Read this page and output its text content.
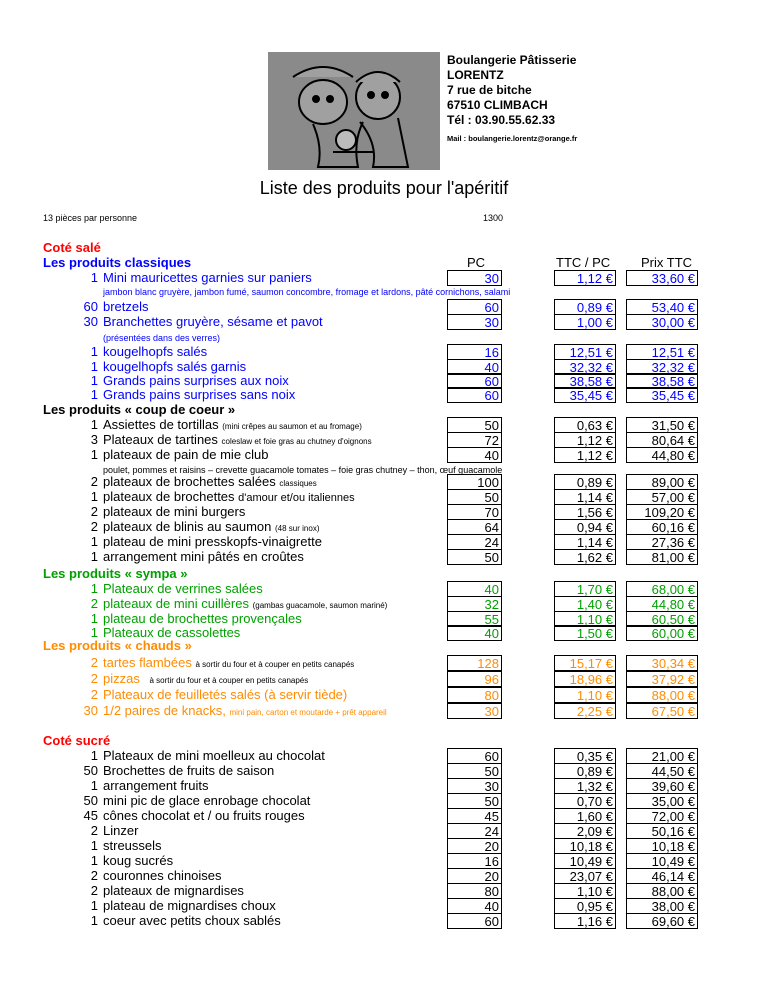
Boulangerie Pâtisserie
LORENTZ
7 rue de bitche
67510 CLIMBACH
Tél : 03.90.55.62.33
Mail : boulangerie.lorentz@orange.fr
Liste des produits pour l'apéritif
13 pièces par personne	1300
Coté salé
Les produits classiques
Les produits « coup de coeur »
Les produits « sympa »
Les produits « chauds »
Coté sucré
PC	TTC / PC Prix TTC
jambon blanc gruyère, jambon fumé, saumon concombre, fromage et lardons, pâté cornichons, salami
(présentées dans des verres)
poulet, pommes et raisins – crevette guacamole tomates – foie gras chutney – thon, œuf guacamole
1 Mini mauricettes garnies sur paniers	30	1,12 €	33,60 €
60 bretzels	60	0,89 €	53,40 €
30 Branchettes gruyère, sésame et pavot	30	1,00 €	30,00 €
1 kougelhopfs salés	16	12,51 €	12,51 €
1 kougelhopfs salés garnis	40	32,32 €	32,32 €
1 Grands pains surprises aux noix	60	38,58 €	38,58 €
1 Grands pains surprises sans noix	60	35,45 €	35,45 €
1 Assiettes de tortillas (mini crêpes au saumon et au fromage)	50	0,63 €	31,50 €
3 Plateaux de tartines coleslaw et foie gras au chutney d'oignons	72	1,12 €	80,64 €
1 plateaux de pain de mie club	40	1,12 €	44,80 €
2 plateaux de brochettes salées classiques	100	0,89 €	89,00 €
1 plateaux de brochettes d'amour et/ou italiennes	50	1,14 €	57,00 €
2 plateaux de mini burgers	70	1,56 €	109,20 €
2 plateaux de blinis au saumon (48 sur inox)	64	0,94 €	60,16 €
1 plateau de mini presskopfs-vinaigrette	24	1,14 €	27,36 €
1 arrangement mini pâtés en croûtes	50	1,62 €	81,00 €
1 Plateaux de verrines salées	40	1,70 €	68,00 €
2 plateaux de mini cuillères (gambas guacamole, saumon mariné)	32	1,40 €	44,80 €
1 plateau de brochettes provençales	55	1,10 €	60,50 €
1 Plateaux de cassolettes	40	1,50 €	60,00 €
2 tartes flambées à sortir du four et à couper en petits canapés	128	15,17 €	30,34 €
2 pizzas à sortir du four et à couper en petits canapés	96	18,96 €	37,92 €
2 Plateaux de feuilletés salés (à servir tiède)	80	1,10 €	88,00 €
30 1/2 paires de knacks, mini pain, carton et moutarde + prêt appareil	30	2,25 €	67,50 €
1 Plateaux de mini moelleux au chocolat	60	0,35 €	21,00 €
50 Brochettes de fruits de saison	50	0,89 €	44,50 €
1 arrangement fruits	30	1,32 €	39,60 €
50 mini pic de glace enrobage chocolat	50	0,70 €	35,00 €
45 cônes chocolat et / ou fruits rouges	45	1,60 €	72,00 €
2 Linzer	24	2,09 €	50,16 €
1 streussels	20	10,18 €	10,18 €
1 koug sucrés	16	10,49 €	10,49 €
2 couronnes chinoises	20	23,07 €	46,14 €
2 plateaux de mignardises	80	1,10 €	88,00 €
1 plateau de mignardises choux	40	0,95 €	38,00 €
1 coeur avec petits choux sablés	60	1,16 €	69,60 €
